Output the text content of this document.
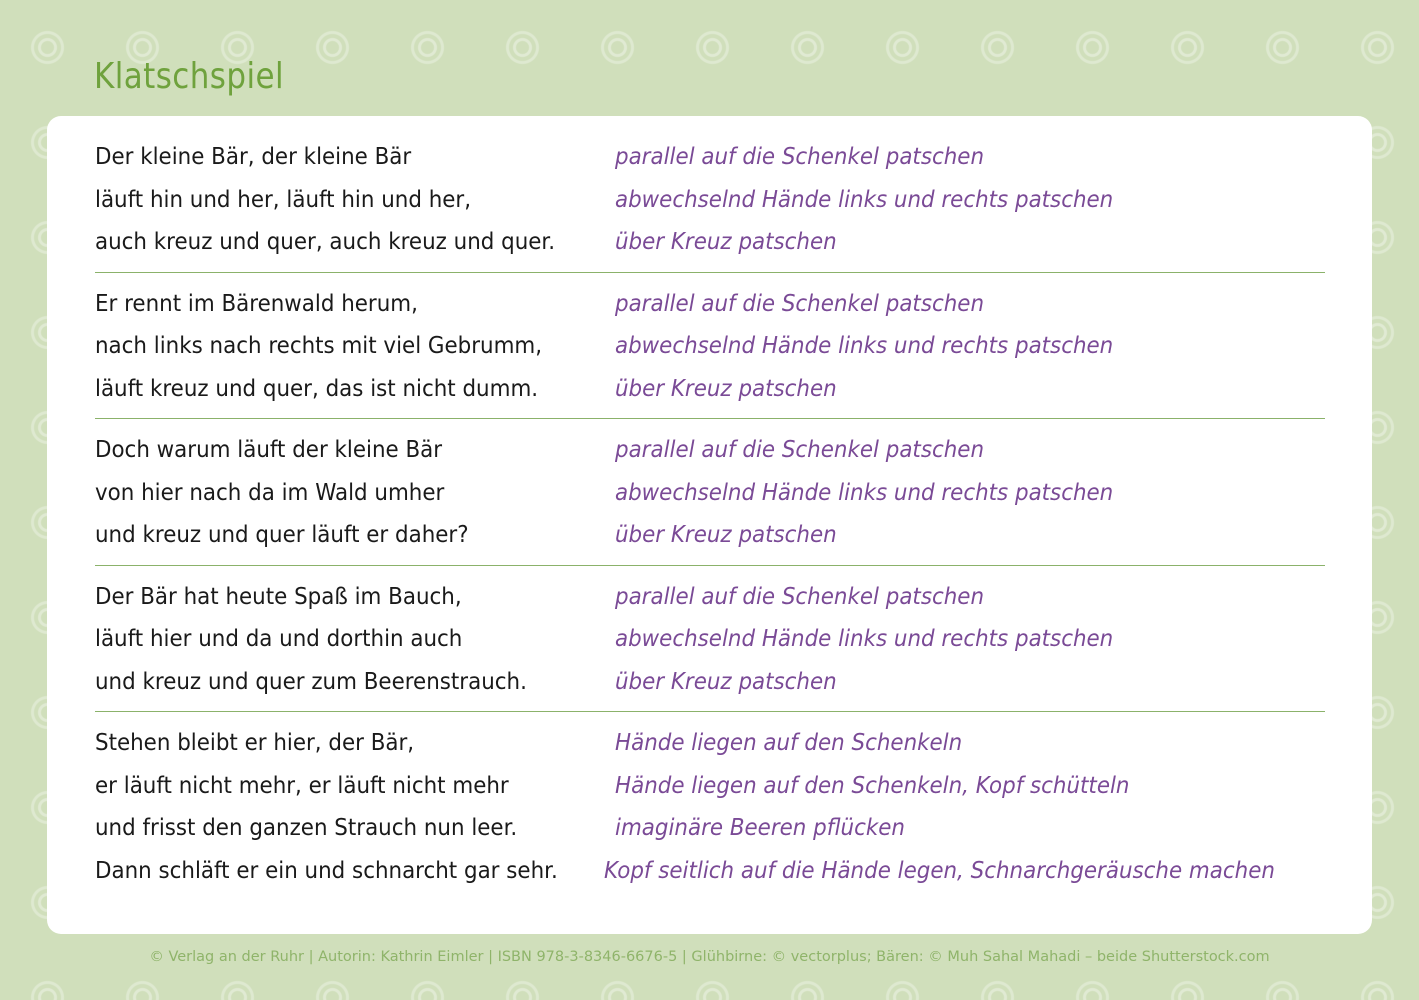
Klatschspiel
Der kleine Bär, der kleine Bär	parallel auf die Schenkel patschen
läuft hin und her, läuft hin und her,	abwechselnd Hände links und rechts patschen
auch kreuz und quer, auch kreuz und quer.	über Kreuz patschen
Er rennt im Bärenwald herum,	parallel auf die Schenkel patschen
nach links nach rechts mit viel Gebrumm,	abwechselnd Hände links und rechts patschen
läuft kreuz und quer, das ist nicht dumm.	über Kreuz patschen
Doch warum läuft der kleine Bär	parallel auf die Schenkel patschen
von hier nach da im Wald umher	abwechselnd Hände links und rechts patschen
und kreuz und quer läuft er daher?	über Kreuz patschen
Der Bär hat heute Spaß im Bauch,	parallel auf die Schenkel patschen
läuft hier und da und dorthin auch	abwechselnd Hände links und rechts patschen
und kreuz und quer zum Beerenstrauch.	über Kreuz patschen
Stehen bleibt er hier, der Bär,	Hände liegen auf den Schenkeln
er läuft nicht mehr, er läuft nicht mehr	Hände liegen auf den Schenkeln, Kopf schütteln
und frisst den ganzen Strauch nun leer.	imaginäre Beeren pflücken
Dann schläft er ein und schnarcht gar sehr.	Kopf seitlich auf die Hände legen, Schnarchgeräusche machen
© Verlag an der Ruhr | Autorin: Kathrin Eimler | ISBN 978-3-8346-6676-5 | Glühbirne: © vectorplus; Bären: © Muh Sahal Mahadi – beide Shutterstock.com
